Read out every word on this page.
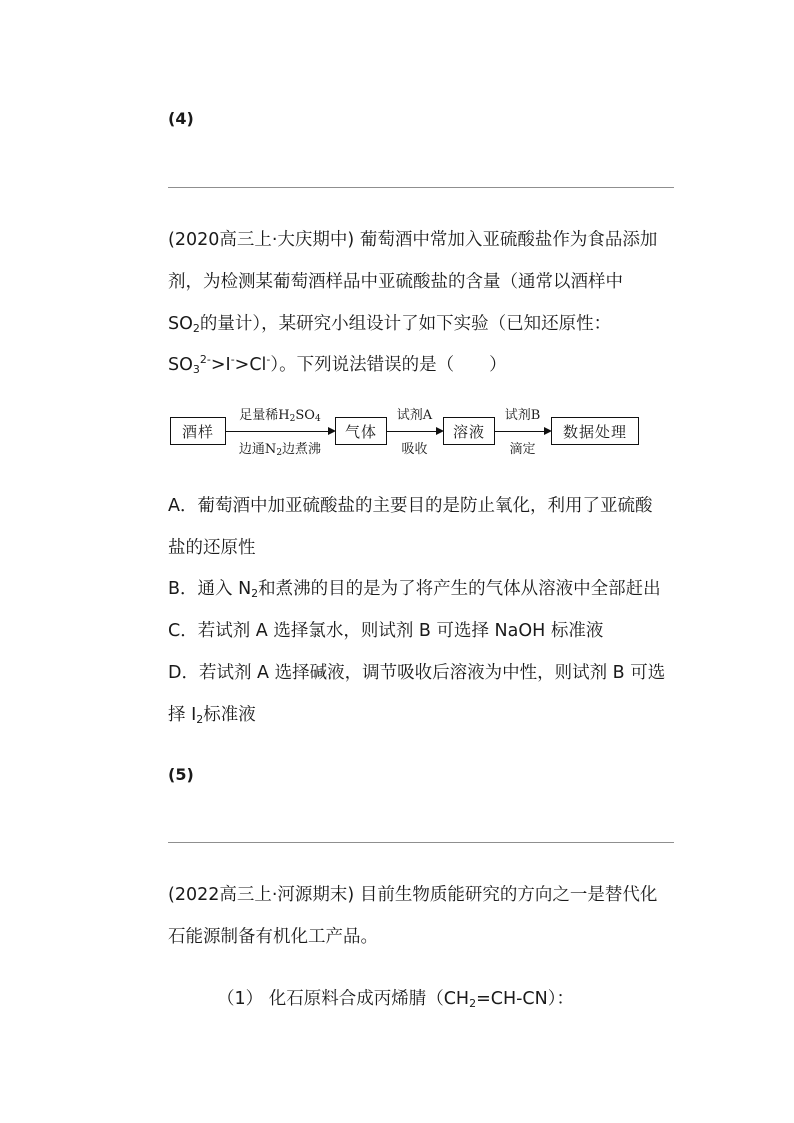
(4)
(2020高三上·大庆期中) 葡萄酒中常加入亚硫酸盐作为食品添加
剂，为检测某葡萄酒样品中亚硫酸盐的含量（通常以酒样中
$SO_2$的量计），某研究小组设计了如下实验（已知还原性：
$SO_3^{2-}>I^->Cl^-$）。下列说法错误的是（　　）
酒样
足量稀$H_2SO_4$
边通$N_2$边煮沸
气体
试剂A
吸收
溶液
试剂B
滴定
数据处理
A．葡萄酒中加亚硫酸盐的主要目的是防止氧化，利用了亚硫酸
盐的还原性
B．通入 $N_2$和煮沸的目的是为了将产生的气体从溶液中全部赶出
C．若试剂 A 选择氯水，则试剂 B 可选择 NaOH 标准液
D．若试剂 A 选择碱液，调节吸收后溶液为中性，则试剂 B 可选
择 $I_2$标准液
(5)
(2022高三上·河源期末) 目前生物质能研究的方向之一是替代化
石能源制备有机化工产品。
（1） 化石原料合成丙烯腈$(CH_2=CH-CN)$：
